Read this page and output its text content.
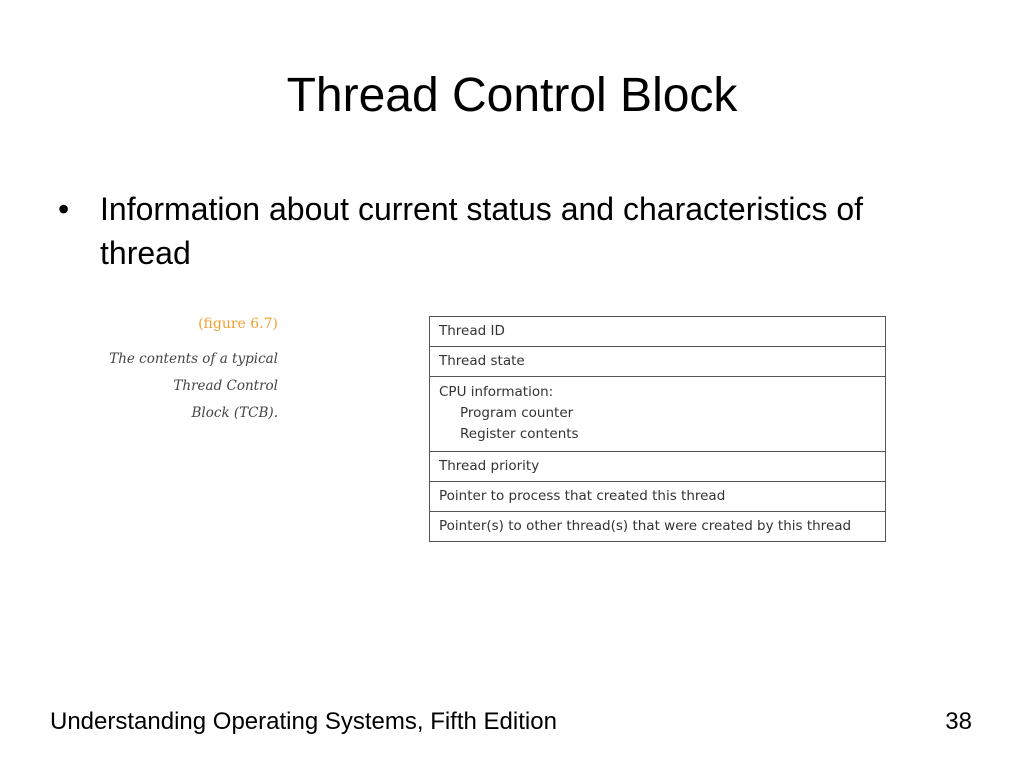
Thread Control Block
• Information about current status and characteristics of thread
(figure 6.7)
The contents of a typical
Thread Control
Block (TCB).
Thread ID
Thread state

CPU information:
Program counter
Register contents

Thread priority
Pointer to process that created this thread
Pointer(s) to other thread(s) that were created by this thread
Understanding Operating Systems, Fifth Edition	38
